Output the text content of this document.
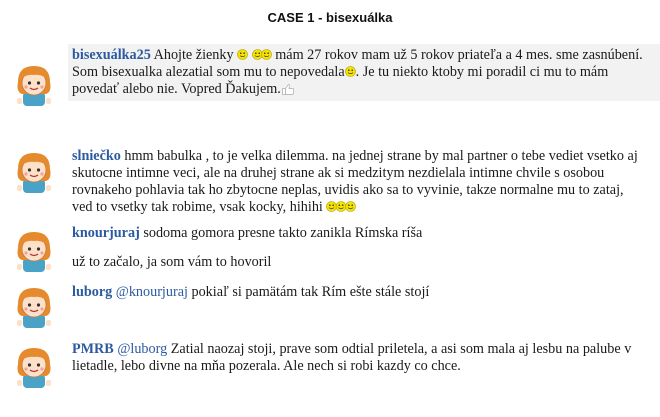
CASE 1 - bisexuálka
bisexuálka25 Ahojte žienky	mám 27 rokov mam už 5 rokov priateľa a 4 mes. sme zasnúbení.
Som bisexualka alezatial som mu to nepovedala . Je tu niekto ktoby mi poradil ci mu to mám
povedať alebo nie. Vopred Ďakujem.
slniečko hmm babulka , to je velka dilemma. na jednej strane by mal partner o tebe vediet vsetko aj
skutocne intimne veci, ale na druhej strane ak si medzitym nezdielala intimne chvile s osobou
rovnakeho pohlavia tak ho zbytocne neplas, uvidis ako sa to vyvinie, takze normalne mu to zataj,
ved to vsetky tak robime, vsak kocky, hihihi
knourjuraj sodoma gomora presne takto zanikla Rímska ríša
už to začalo, ja som vám to hovoril
luborg @knourjuraj pokiaľ si pamätám tak Rím ešte stále stojí
PMRB @luborg Zatial naozaj stoji, prave som odtial priletela, a asi som mala aj lesbu na palube v
lietadle, lebo divne na mňa pozerala. Ale nech si robi kazdy co chce.
